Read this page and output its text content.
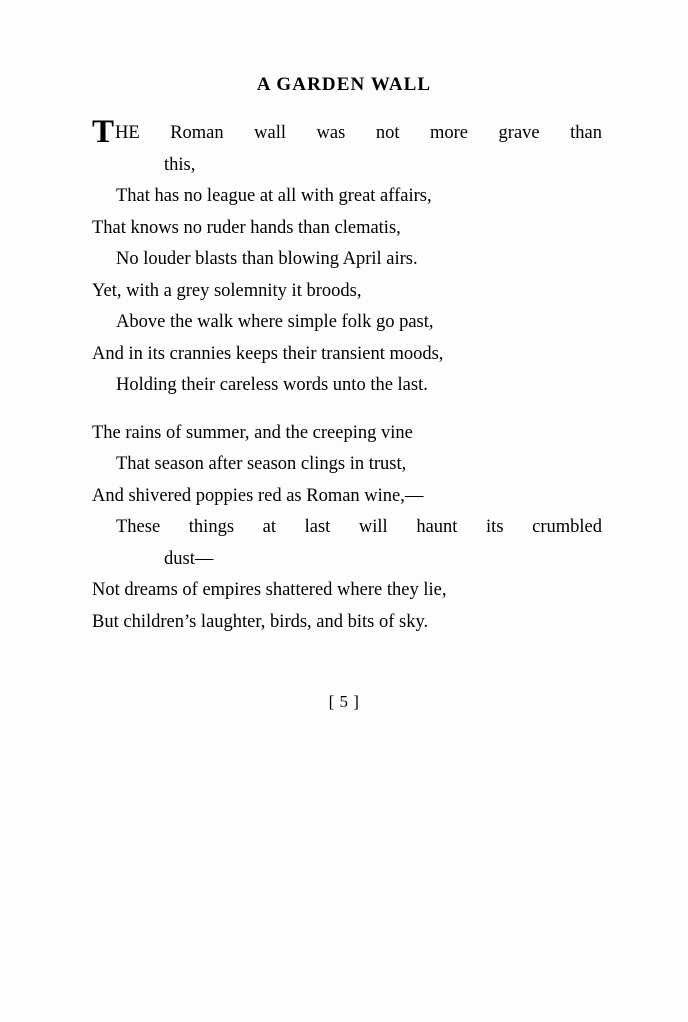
A GARDEN WALL
THE  Roman  wall  was  not  more  grave  than
this,
That has no league at all with great affairs,
That knows no ruder hands than clematis,
No louder blasts than blowing April airs.
Yet, with a grey solemnity it broods,
Above the walk where simple folk go past,
And in its crannies keeps their transient moods,
Holding their careless words unto the last.
The rains of summer, and the creeping vine
That season after season clings in trust,
And shivered poppies red as Roman wine,—
These  things  at  last  will  haunt  its  crumbled
dust—
Not dreams of empires shattered where they lie,
But children’s laughter, birds, and bits of sky.
[ 5 ]
